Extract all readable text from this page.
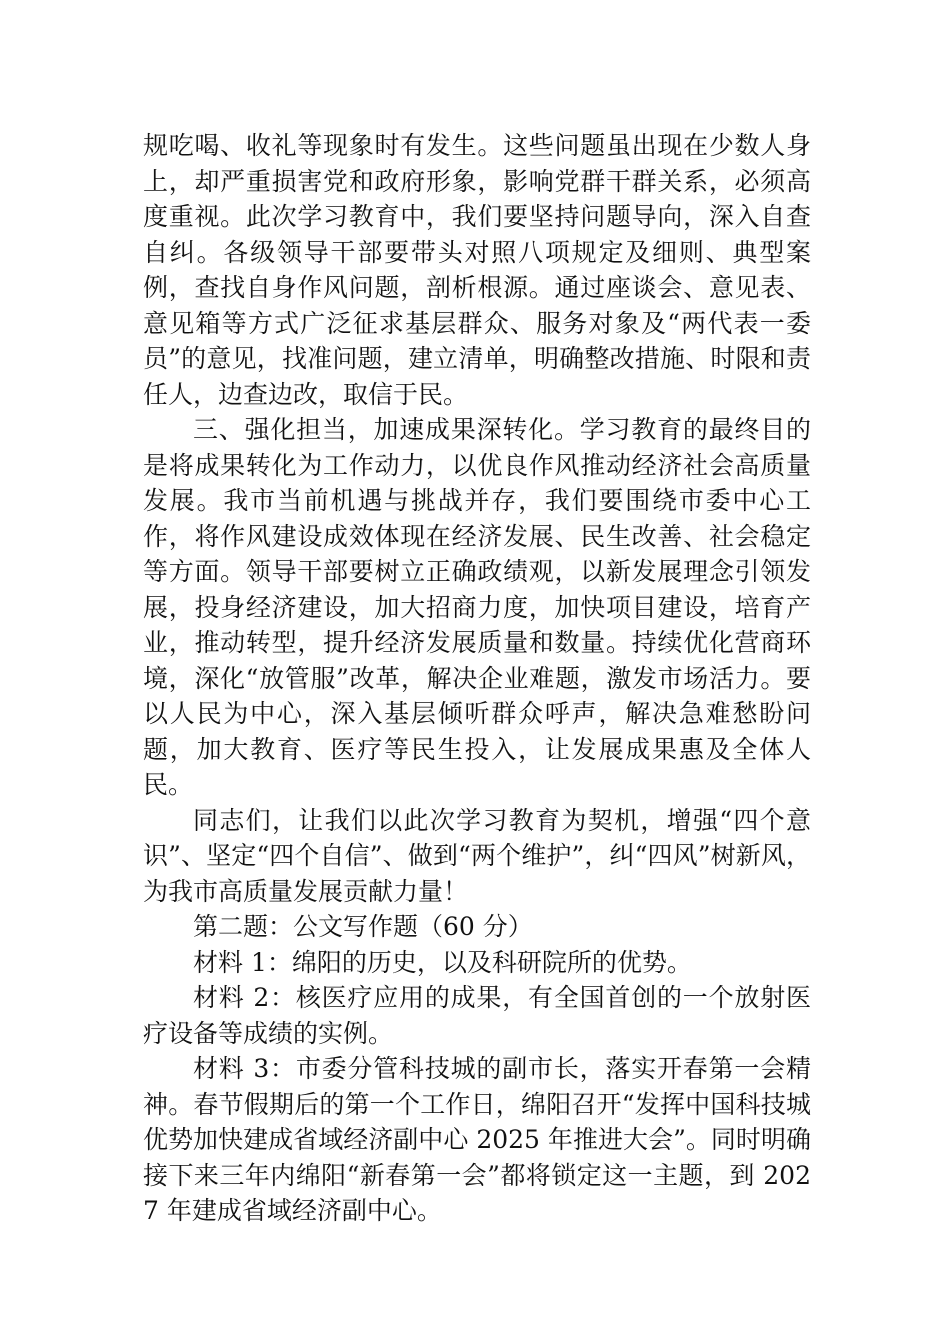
规吃喝、收礼等现象时有发生。这些问题虽出现在少数人身上，却严重损害党和政府形象，影响党群干群关系，必须高度重视。此次学习教育中，我们要坚持问题导向，深入自查自纠。各级领导干部要带头对照八项规定及细则、典型案例，查找自身作风问题，剖析根源。通过座谈会、意见表、意见箱等方式广泛征求基层群众、服务对象及“两代表一委员”的意见，找准问题，建立清单，明确整改措施、时限和责任人，边查边改，取信于民。

三、强化担当，加速成果深转化。学习教育的最终目的是将成果转化为工作动力，以优良作风推动经济社会高质量发展。我市当前机遇与挑战并存，我们要围绕市委中心工作，将作风建设成效体现在经济发展、民生改善、社会稳定等方面。领导干部要树立正确政绩观，以新发展理念引领发展，投身经济建设，加大招商力度，加快项目建设，培育产业，推动转型，提升经济发展质量和数量。持续优化营商环境，深化“放管服”改革，解决企业难题，激发市场活力。要以人民为中心，深入基层倾听群众呼声，解决急难愁盼问题，加大教育、医疗等民生投入，让发展成果惠及全体人民。

同志们，让我们以此次学习教育为契机，增强“四个意识”、坚定“四个自信”、做到“两个维护”，纠“四风”树新风，为我市高质量发展贡献力量！

第二题：公文写作题（60 分）

材料 1：绵阳的历史，以及科研院所的优势。

材料 2：核医疗应用的成果，有全国首创的一个放射医疗设备等成绩的实例。

材料 3：市委分管科技城的副市长，落实开春第一会精神。春节假期后的第一个工作日，绵阳召开“发挥中国科技城优势加快建成省域经济副中心 2025 年推进大会”。同时明确接下来三年内绵阳“新春第一会”都将锁定这一主题，到 2027 年建成省域经济副中心。
